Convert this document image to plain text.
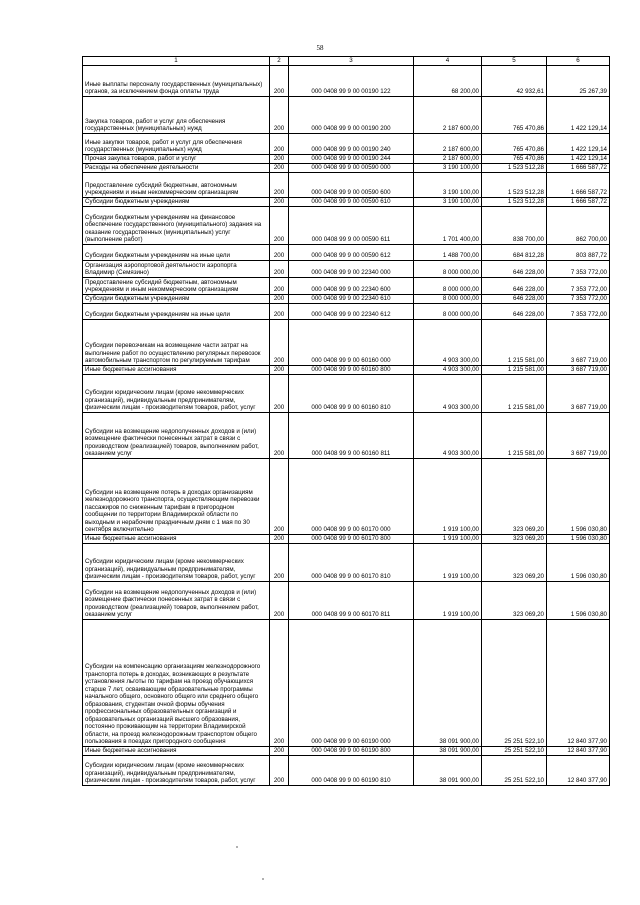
58
1	2	3	4	5	6
Иные выплаты персоналу государственных (муниципальных) органов, за исключением фонда оплаты труда	200	000 0408 99 9 00 00190 122	68 200,00	42 932,61	25 267,39
Закупка товаров, работ и услуг для обеспечения государственных (муниципальных) нужд	200	000 0408 99 9 00 00190 200	2 187 600,00	765 470,86	1 422 129,14
Иные закупки товаров, работ и услуг для обеспечения государственных (муниципальных) нужд	200	000 0408 99 9 00 00190 240	2 187 600,00	765 470,86	1 422 129,14
Прочая закупка товаров, работ и услуг	200	000 0408 99 9 00 00190 244	2 187 600,00	765 470,86	1 422 129,14
Расходы на обеспечение деятельности	200	000 0408 99 9 00 00590 000	3 190 100,00	1 523 512,28	1 666 587,72
Предоставление субсидий бюджетным, автономным учреждениям и иным некоммерческим организациям	200	000 0408 99 9 00 00590 600	3 190 100,00	1 523 512,28	1 666 587,72
Субсидии бюджетным учреждениям	200	000 0408 99 9 00 00590 610	3 190 100,00	1 523 512,28	1 666 587,72
Субсидии бюджетным учреждениям на финансовое обеспечение государственного (муниципального) задания на оказание государственных (муниципальных) услуг (выполнение работ)	200	000 0408 99 9 00 00590 611	1 701 400,00	838 700,00	862 700,00
Субсидии бюджетным учреждениям на иные цели	200	000 0408 99 9 00 00590 612	1 488 700,00	684 812,28	803 887,72
Организация аэропортовой деятельности аэропорта Владимир (Семязино)	200	000 0408 99 9 00 22340 000	8 000 000,00	646 228,00	7 353 772,00
Предоставление субсидий бюджетным, автономным учреждениям и иным некоммерческим организациям	200	000 0408 99 9 00 22340 600	8 000 000,00	646 228,00	7 353 772,00
Субсидии бюджетным учреждениям	200	000 0408 99 9 00 22340 610	8 000 000,00	646 228,00	7 353 772,00
Субсидии бюджетным учреждениям на иные цели	200	000 0408 99 9 00 22340 612	8 000 000,00	646 228,00	7 353 772,00
Субсидии перевозчикам на возмещение части затрат на выполнение работ по осуществлению регулярных перевозок автомобильным транспортом по регулируемым тарифам	200	000 0408 99 9 00 60160 000	4 903 300,00	1 215 581,00	3 687 719,00
Иные бюджетные ассигнования	200	000 0408 99 9 00 60160 800	4 903 300,00	1 215 581,00	3 687 719,00
Субсидии юридическим лицам (кроме некоммерческих организаций), индивидуальным предпринимателям, физическим лицам - производителям товаров, работ, услуг	200	000 0408 99 9 00 60160 810	4 903 300,00	1 215 581,00	3 687 719,00
Субсидии на возмещение недополученных доходов и (или) возмещение фактически понесенных затрат в связи с производством (реализацией) товаров, выполнением работ, оказанием услуг	200	000 0408 99 9 00 60160 811	4 903 300,00	1 215 581,00	3 687 719,00
Субсидии на возмещение потерь в доходах организациям железнодорожного транспорта, осуществляющим перевозки пассажиров по сниженным тарифам в пригородном сообщении по территории Владимирской области по выходным и нерабочим праздничным дням с 1 мая по 30 сентября включительно	200	000 0408 99 9 00 60170 000	1 919 100,00	323 069,20	1 596 030,80
Иные бюджетные ассигнования	200	000 0408 99 9 00 60170 800	1 919 100,00	323 069,20	1 596 030,80
Субсидии юридическим лицам (кроме некоммерческих организаций), индивидуальным предпринимателям, физическим лицам - производителям товаров, работ, услуг	200	000 0408 99 9 00 60170 810	1 919 100,00	323 069,20	1 596 030,80
Субсидии на возмещение недополученных доходов и (или) возмещение фактически понесенных затрат в связи с производством (реализацией) товаров, выполнением работ, оказанием услуг	200	000 0408 99 9 00 60170 811	1 919 100,00	323 069,20	1 596 030,80
Субсидии на компенсацию организациям железнодорожного транспорта потерь в доходах, возникающих в результате установления льготы по тарифам на проезд обучающихся старше 7 лет, осваивающим образовательные программы начального общего, основного общего или среднего общего образования, студентам очной формы обучения профессиональных образовательных организаций и образовательных организаций высшего образования, постоянно проживающим на территории Владимирской области, на проезд железнодорожным транспортом общего пользования в поездах пригородного сообщения	200	000 0408 99 9 00 60190 000	38 091 900,00	25 251 522,10	12 840 377,90
Иные бюджетные ассигнования	200	000 0408 99 9 00 60190 800	38 091 900,00	25 251 522,10	12 840 377,90
Субсидии юридическим лицам (кроме некоммерческих организаций), индивидуальным предпринимателям, физическим лицам - производителям товаров, работ, услуг	200	000 0408 99 9 00 60190 810	38 091 900,00	25 251 522,10	12 840 377,90
